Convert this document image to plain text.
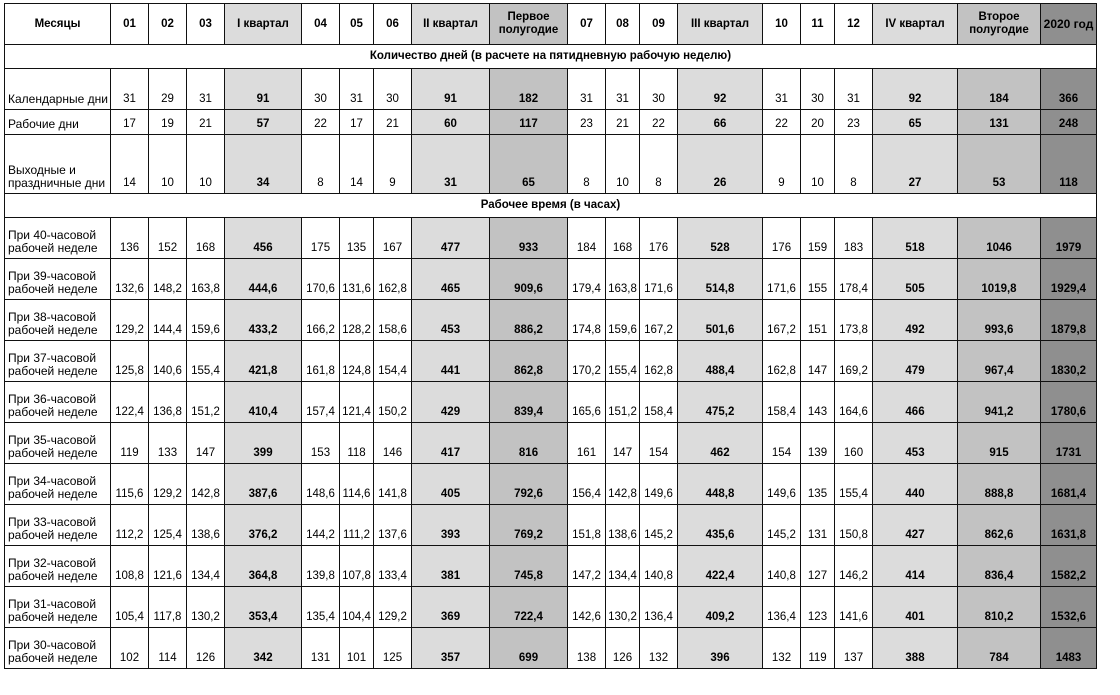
Месяцы	01	02	03	I квартал	04	05	06	II квартал	Первое полугодие	07	08	09	III квартал	10	11	12	IV квартал	Второе полугодие	2020 год
Количество дней (в расчете на пятидневную рабочую неделю)																			
Календарные дни	31	29	31	91	30	31	30	91	182	31	31	30	92	31	30	31	92	184	366
Рабочие дни	17	19	21	57	22	17	21	60	117	23	21	22	66	22	20	23	65	131	248
Выходные и праздничные дни	14	10	10	34	8	14	9	31	65	8	10	8	26	9	10	8	27	53	118
Рабочее время (в часах)																			
При 40-часовой рабочей неделе	136	152	168	456	175	135	167	477	933	184	168	176	528	176	159	183	518	1046	1979
При 39-часовой рабочей неделе	132,6	148,2	163,8	444,6	170,6	131,6	162,8	465	909,6	179,4	163,8	171,6	514,8	171,6	155	178,4	505	1019,8	1929,4
При 38-часовой рабочей неделе	129,2	144,4	159,6	433,2	166,2	128,2	158,6	453	886,2	174,8	159,6	167,2	501,6	167,2	151	173,8	492	993,6	1879,8
При 37-часовой рабочей неделе	125,8	140,6	155,4	421,8	161,8	124,8	154,4	441	862,8	170,2	155,4	162,8	488,4	162,8	147	169,2	479	967,4	1830,2
При 36-часовой рабочей неделе	122,4	136,8	151,2	410,4	157,4	121,4	150,2	429	839,4	165,6	151,2	158,4	475,2	158,4	143	164,6	466	941,2	1780,6
При 35-часовой рабочей неделе	119	133	147	399	153	118	146	417	816	161	147	154	462	154	139	160	453	915	1731
При 34-часовой рабочей неделе	115,6	129,2	142,8	387,6	148,6	114,6	141,8	405	792,6	156,4	142,8	149,6	448,8	149,6	135	155,4	440	888,8	1681,4
При 33-часовой рабочей неделе	112,2	125,4	138,6	376,2	144,2	111,2	137,6	393	769,2	151,8	138,6	145,2	435,6	145,2	131	150,8	427	862,6	1631,8
При 32-часовой рабочей неделе	108,8	121,6	134,4	364,8	139,8	107,8	133,4	381	745,8	147,2	134,4	140,8	422,4	140,8	127	146,2	414	836,4	1582,2
При 31-часовой рабочей неделе	105,4	117,8	130,2	353,4	135,4	104,4	129,2	369	722,4	142,6	130,2	136,4	409,2	136,4	123	141,6	401	810,2	1532,6
При 30-часовой рабочей неделе	102	114	126	342	131	101	125	357	699	138	126	132	396	132	119	137	388	784	1483
